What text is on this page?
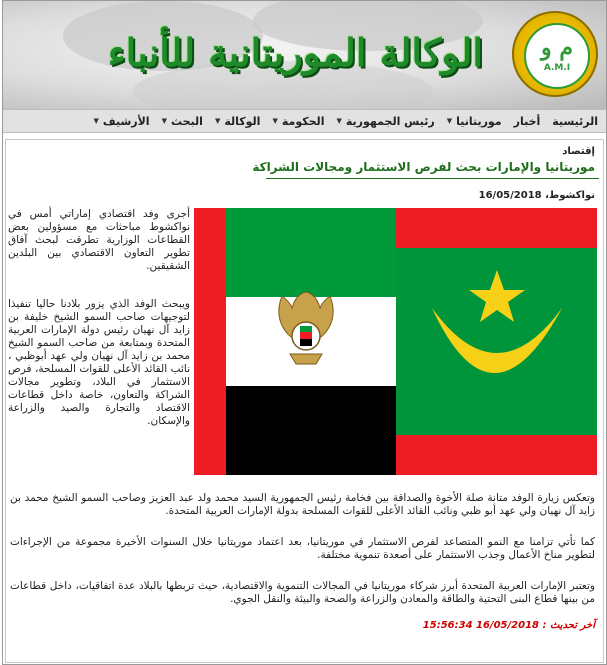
الوكالة الموريتانية للأنباء	م و
A.M.I
الرئيسية
أخبار
موريتانيا
▼
رئيس الجمهورية
▼
الحكومة
▼
الوكالة
▼
البحث
▼
الأرشيف
▼
إقتصاد
موريتانيا والإمارات بحث لفرص الاستثمار ومجالات الشراكة
نواكشوط، 16/05/2018
أجرى وفد اقتصادي إماراتي أمس في نواكشوط مباحثات مع مسؤولين بعض القطاعات الوزارية تطرقت لبحث آفاق تطوير التعاون الاقتصادي بين البلدين الشقيقين.
ويبحث الوفد الذي يزور بلادنا حاليا تنفيذا لتوجيهات صاحب السمو الشيخ خليفة بن زايد آل نهيان رئيس دولة الإمارات العربية المتحدة وبمتابعة من صاحب السمو الشيخ محمد بن زايد آل نهيان ولي عهد أبوظبي ، نائب القائد الأعلى للقوات المسلحة، فرص الاستثمار في البلاد، وتطوير مجالات الشراكة والتعاون، خاصة داخل قطاعات الاقتصاد والتجارة والصيد والزراعة والإسكان.
وتعكس زيارة الوفد متانة صلة الأخوة والصداقة بين فخامة رئيس الجمهورية السيد محمد ولد عبد العزيز وصاحب السمو الشيخ محمد بن زايد آل نهيان ولي عهد أبو ظبي ونائب القائد الأعلى للقوات المسلحة بدولة الإمارات العربية المتحدة.
كما تأتي تزامنا مع النمو المتصاعد لفرص الاستثمار في موريتانيا، بعد اعتماد موريتانيا خلال السنوات الأخيرة مجموعة من الإجراءات لتطوير مناخ الأعمال وجذب الاستثمار على أصعدة تنموية مختلفة.
وتعتبر الإمارات العربية المتحدة أبرز شركاء موريتانيا في المجالات التنموية والاقتصادية، حيث تربطها بالبلاد عدة اتفاقيات، داخل قطاعات من بينها قطاع البنى التحتية والطاقة والمعادن والزراعة والصحة والبيئة والنقل الجوي.
آخر تحديث : 16/05/2018 15:56:34
